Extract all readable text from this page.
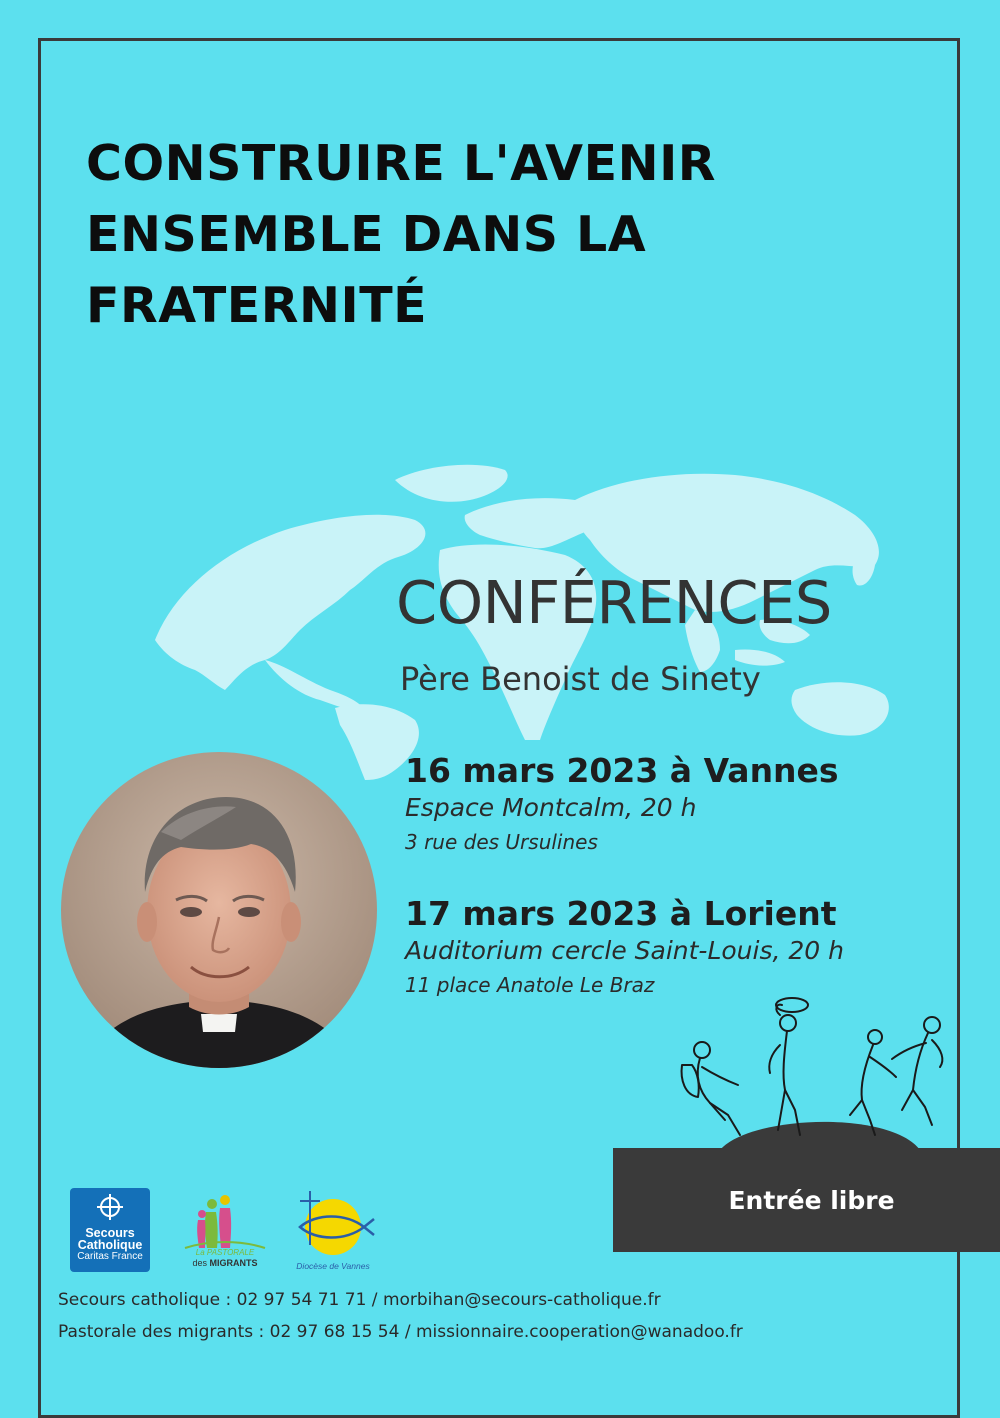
CONSTRUIRE L'AVENIR
ENSEMBLE DANS LA
FRATERNITÉ
CONFÉRENCES
Père Benoist de Sinety
16 mars 2023 à Vannes
Espace Montcalm, 20 h
3 rue des Ursulines
17 mars 2023 à Lorient
Auditorium cercle Saint-Louis, 20 h
11 place Anatole Le Braz
Entrée libre
Secours
Catholique
Caritas France	La PASTORALE
des MIGRANTS	Diocèse de Vannes
Secours catholique : 02 97 54 71 71 / morbihan@secours-catholique.fr
Pastorale des migrants : 02 97 68 15 54 / missionnaire.cooperation@wanadoo.fr
